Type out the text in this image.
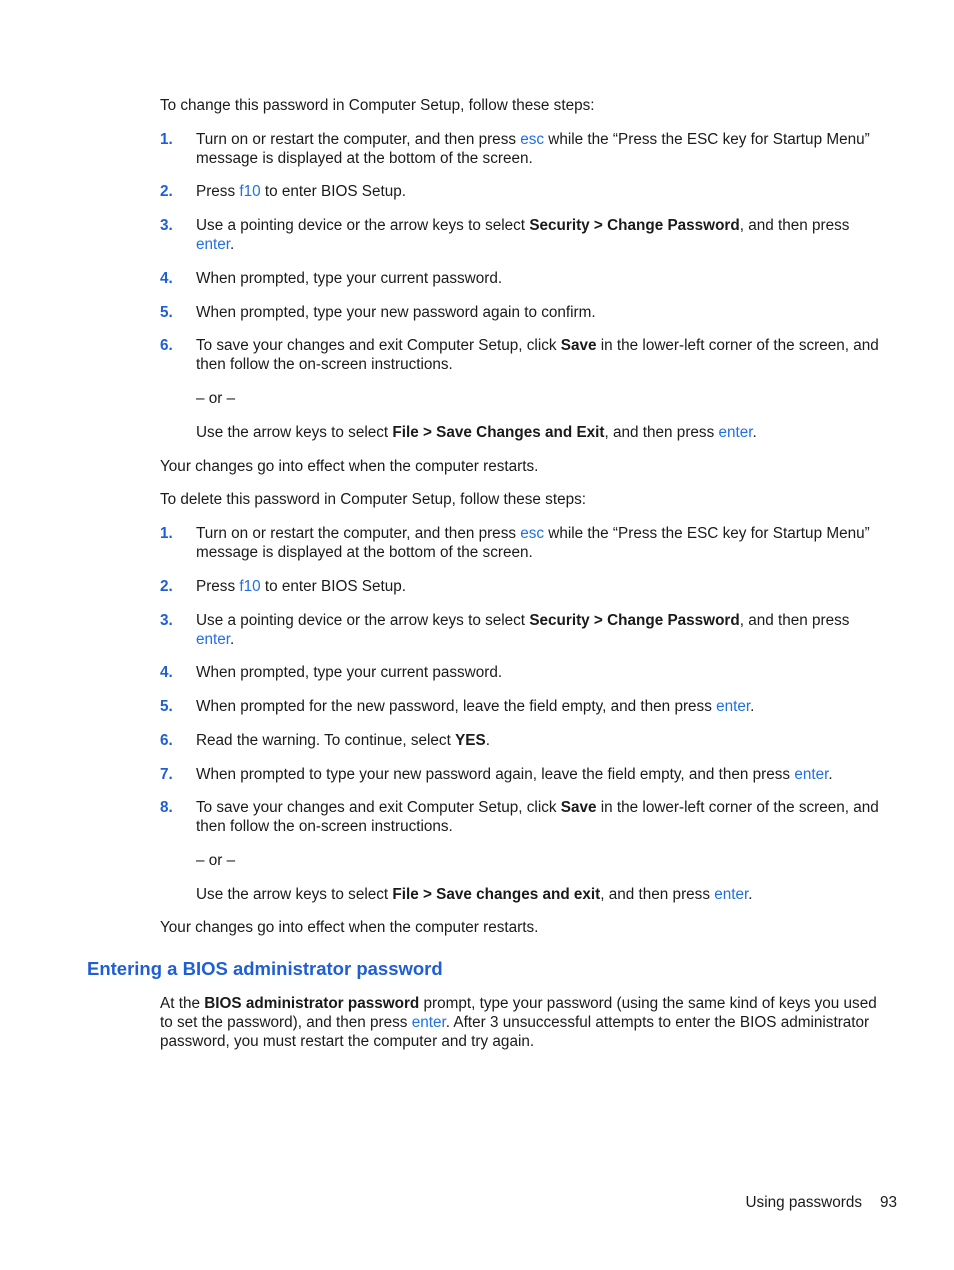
To change this password in Computer Setup, follow these steps:

1. Turn on or restart the computer, and then press esc while the “Press the ESC key for Startup Menu” message is displayed at the bottom of the screen.
2. Press f10 to enter BIOS Setup.
3. Use a pointing device or the arrow keys to select Security > Change Password, and then press enter.
4. When prompted, type your current password.
5. When prompted, type your new password again to confirm.
6. To save your changes and exit Computer Setup, click Save in the lower-left corner of the screen, and then follow the on-screen instructions.

– or –

Use the arrow keys to select File > Save Changes and Exit, and then press enter.

Your changes go into effect when the computer restarts.

To delete this password in Computer Setup, follow these steps:

1. Turn on or restart the computer, and then press esc while the “Press the ESC key for Startup Menu” message is displayed at the bottom of the screen.
2. Press f10 to enter BIOS Setup.
3. Use a pointing device or the arrow keys to select Security > Change Password, and then press enter.
4. When prompted, type your current password.
5. When prompted for the new password, leave the field empty, and then press enter.
6. Read the warning. To continue, select YES.
7. When prompted to type your new password again, leave the field empty, and then press enter.
8. To save your changes and exit Computer Setup, click Save in the lower-left corner of the screen, and then follow the on-screen instructions.

– or –

Use the arrow keys to select File > Save changes and exit, and then press enter.

Your changes go into effect when the computer restarts.

Entering a BIOS administrator password

At the BIOS administrator password prompt, type your password (using the same kind of keys you used to set the password), and then press enter. After 3 unsuccessful attempts to enter the BIOS administrator password, you must restart the computer and try again.

Using passwords 93
